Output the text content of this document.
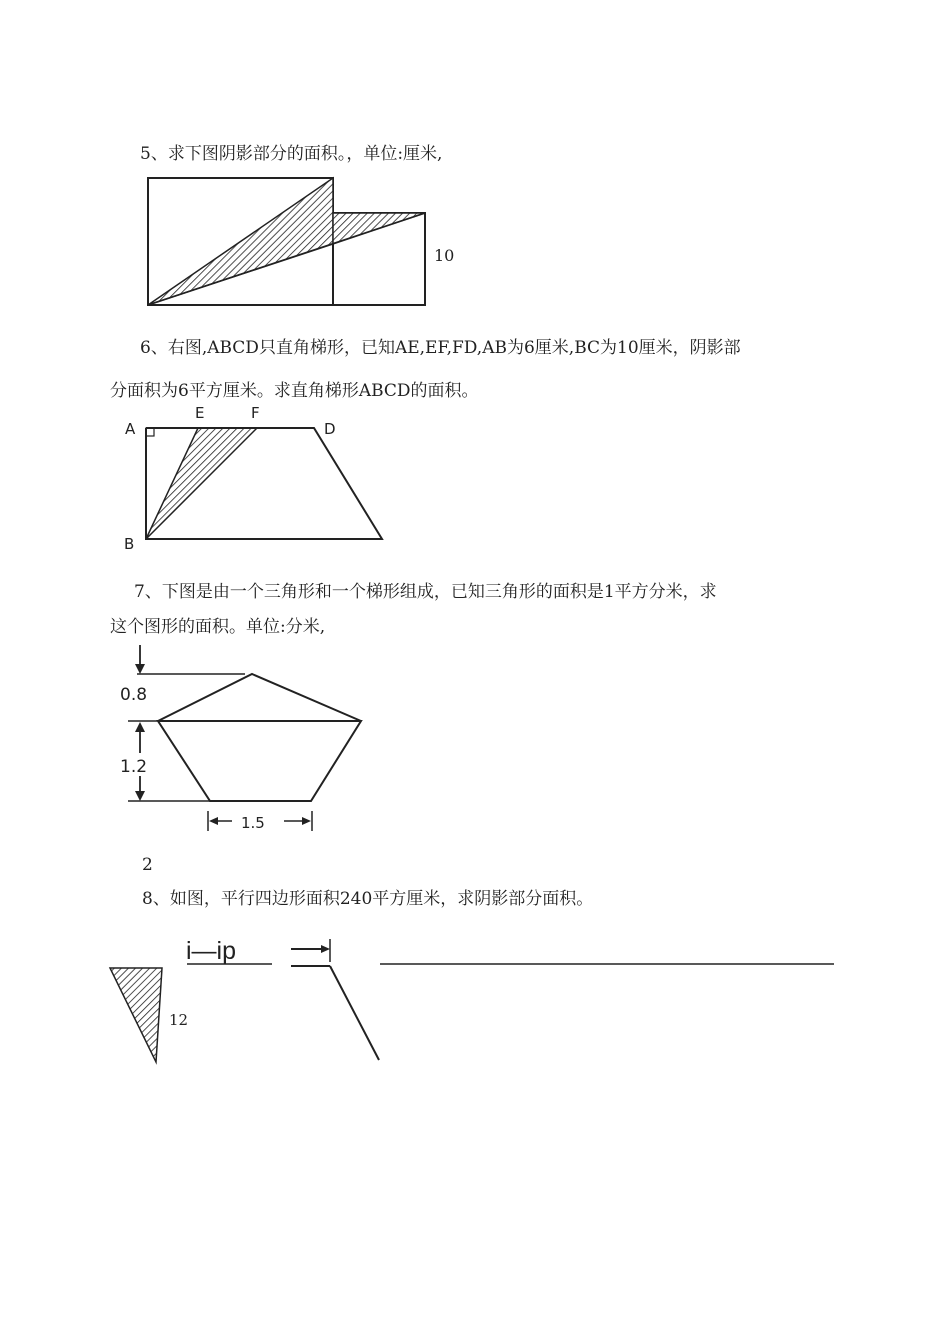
5、求下图阴影部分的面积。，单位:厘米,
10
6、右图,ABCD只直角梯形，已知AE,EF,FD,AB为6厘米,BC为10厘米，阴影部
分面积为6平方厘米。求直角梯形ABCD的面积。
A
E	F
D
B
7、下图是由一个三角形和一个梯形组成，已知三角形的面积是1平方分米，求
这个图形的面积。单位:分米,
0.8
1.2
1.5
2
8、如图，平行四边形面积240平方厘米，求阴影部分面积。
i—ip
12
